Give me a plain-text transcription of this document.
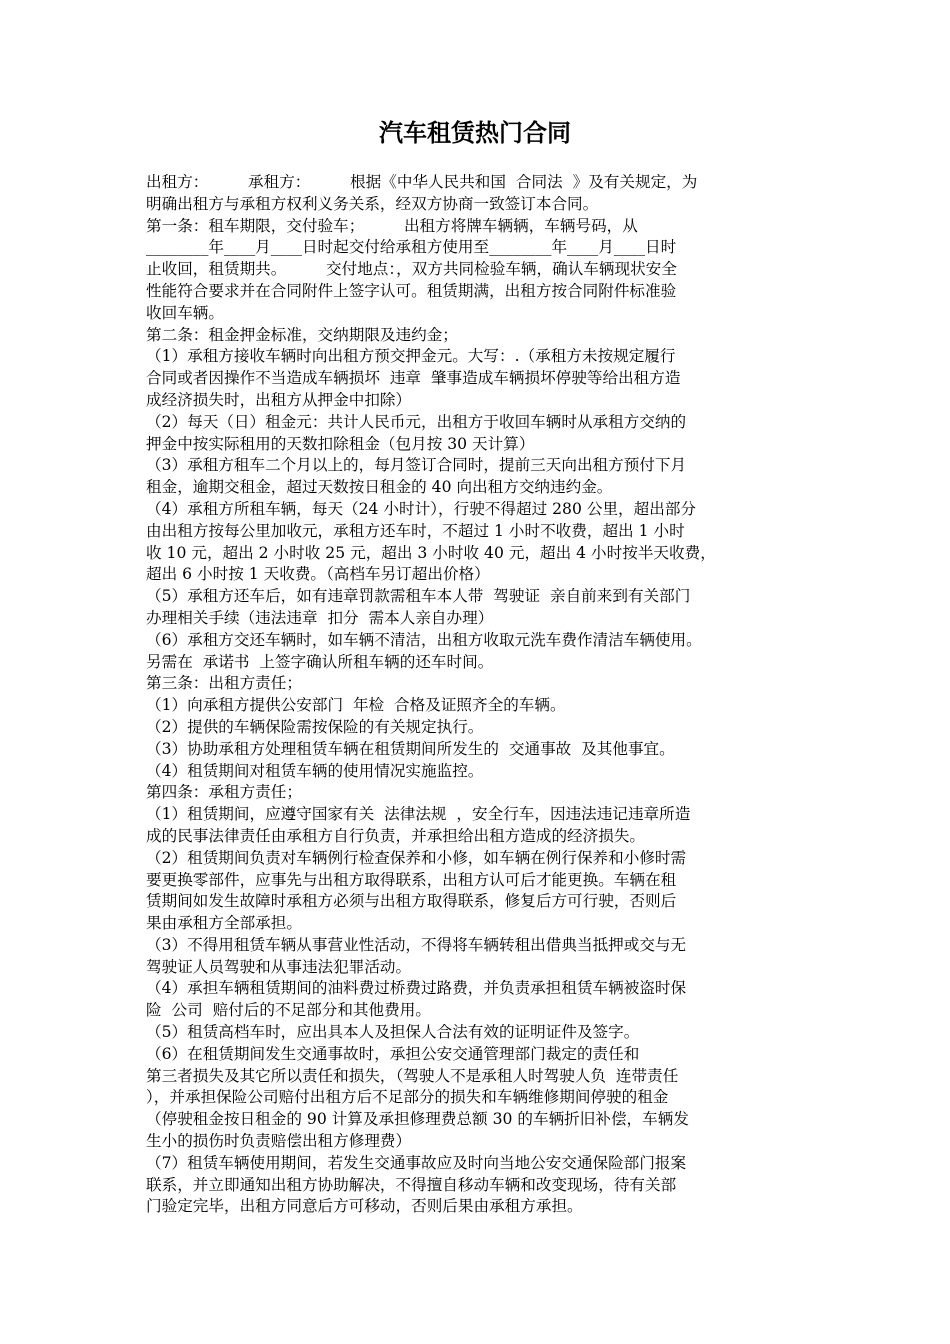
汽车租赁热门合同
出租方：        承租方：        根据《中华人民共和国  合同法  》及有关规定，为
明确出租方与承租方权利义务关系，经双方协商一致签订本合同。
第一条：租车期限，交付验车；        出租方将牌车辆辆，车辆号码，从
________年____月____日时起交付给承租方使用至________年____月____日时
止收回，租赁期共。        交付地点：，双方共同检验车辆，确认车辆现状安全
性能符合要求并在合同附件上签字认可。租赁期满，出租方按合同附件标准验
收回车辆。
第二条：租金押金标准，交纳期限及违约金；
（1）承租方接收车辆时向出租方预交押金元。大写：.（承租方未按规定履行
合同或者因操作不当造成车辆损坏  违章  肇事造成车辆损坏停驶等给出租方造
成经济损失时，出租方从押金中扣除）
（2）每天（日）租金元：共计人民币元，出租方于收回车辆时从承租方交纳的
押金中按实际租用的天数扣除租金（包月按 30 天计算）
（3）承租方租车二个月以上的，每月签订合同时，提前三天向出租方预付下月
租金，逾期交租金，超过天数按日租金的 40 向出租方交纳违约金。
（4）承租方所租车辆，每天（24 小时计），行驶不得超过 280 公里，超出部分
由出租方按每公里加收元，承租方还车时，不超过 1 小时不收费，超出 1 小时
收 10 元，超出 2 小时收 25 元，超出 3 小时收 40 元，超出 4 小时按半天收费，
超出 6 小时按 1 天收费。（高档车另订超出价格）
（5）承租方还车后，如有违章罚款需租车本人带  驾驶证  亲自前来到有关部门
办理相关手续（违法违章  扣分  需本人亲自办理）
（6）承租方交还车辆时，如车辆不清洁，出租方收取元洗车费作清洁车辆使用。
另需在  承诺书  上签字确认所租车辆的还车时间。
第三条：出租方责任；
（1）向承租方提供公安部门  年检  合格及证照齐全的车辆。
（2）提供的车辆保险需按保险的有关规定执行。
（3）协助承租方处理租赁车辆在租赁期间所发生的  交通事故  及其他事宜。
（4）租赁期间对租赁车辆的使用情况实施监控。
第四条：承租方责任；
（1）租赁期间，应遵守国家有关  法律法规  ，安全行车，因违法违记违章所造
成的民事法律责任由承租方自行负责，并承担给出租方造成的经济损失。
（2）租赁期间负责对车辆例行检查保养和小修，如车辆在例行保养和小修时需
要更换零部件，应事先与出租方取得联系，出租方认可后才能更换。车辆在租
赁期间如发生故障时承租方必须与出租方取得联系，修复后方可行驶，否则后
果由承租方全部承担。
（3）不得用租赁车辆从事营业性活动，不得将车辆转租出借典当抵押或交与无
驾驶证人员驾驶和从事违法犯罪活动。
（4）承担车辆租赁期间的油料费过桥费过路费，并负责承担租赁车辆被盗时保
险  公司  赔付后的不足部分和其他费用。
（5）租赁高档车时，应出具本人及担保人合法有效的证明证件及签字。
（6）在租赁期间发生交通事故时，承担公安交通管理部门裁定的责任和
第三者损失及其它所以责任和损失，（驾驶人不是承租人时驾驶人负  连带责任
），并承担保险公司赔付出租方后不足部分的损失和车辆维修期间停驶的租金
（停驶租金按日租金的 90 计算及承担修理费总额 30 的车辆折旧补偿，车辆发
生小的损伤时负责赔偿出租方修理费）
（7）租赁车辆使用期间，若发生交通事故应及时向当地公安交通保险部门报案
联系，并立即通知出租方协助解决，不得擅自移动车辆和改变现场，待有关部
门验定完毕，出租方同意后方可移动，否则后果由承租方承担。
